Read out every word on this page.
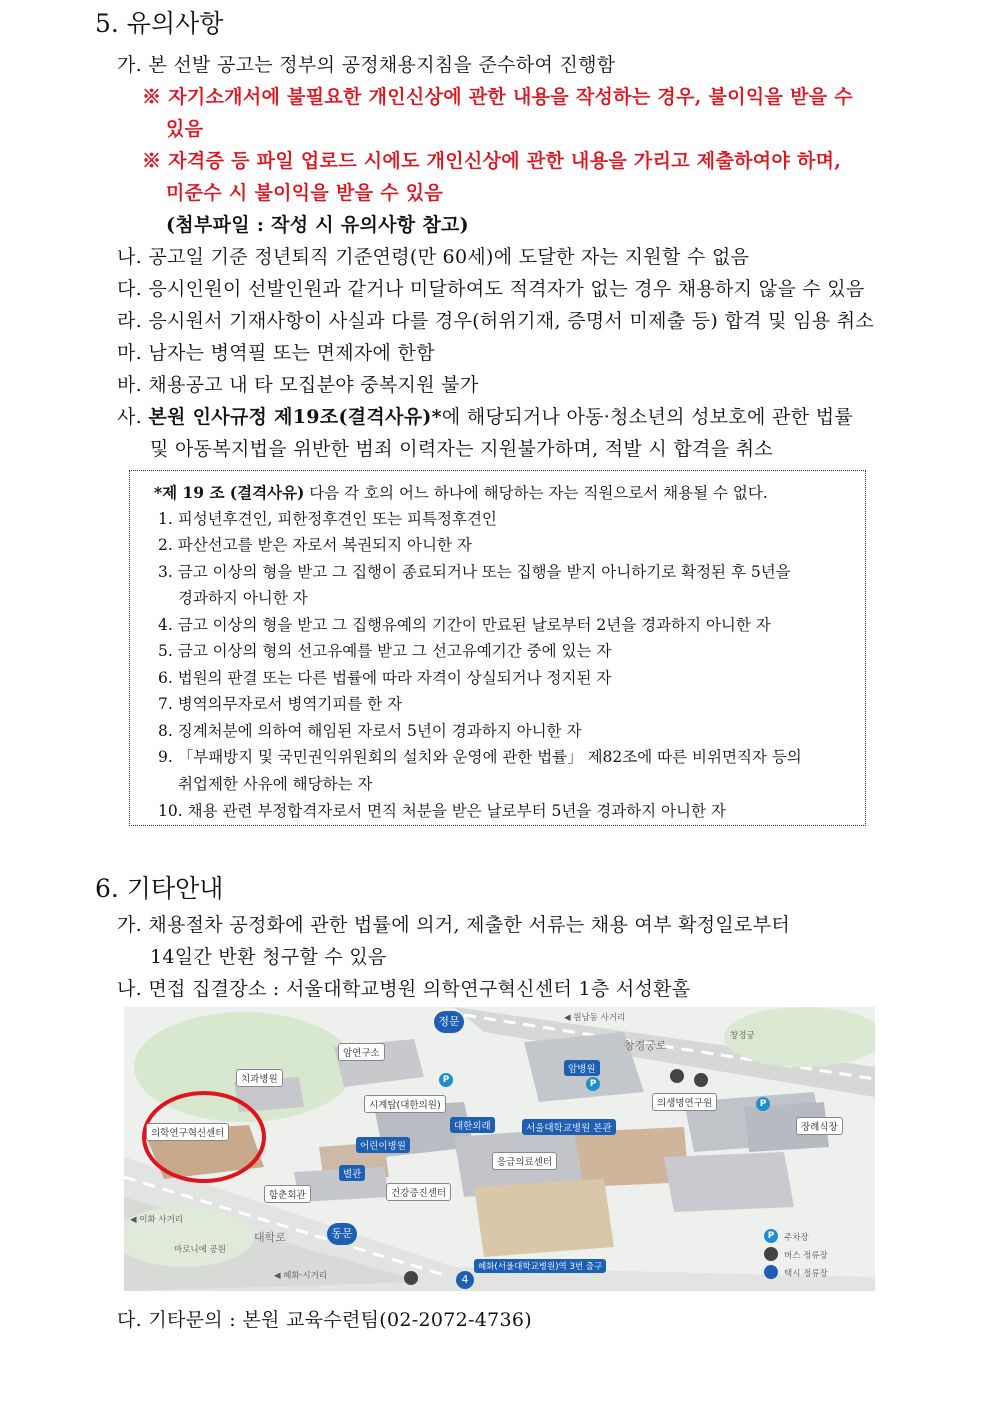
5. 유의사항
가. 본 선발 공고는 정부의 공정채용지침을 준수하여 진행함
※ 자기소개서에 불필요한 개인신상에 관한 내용을 작성하는 경우, 불이익을 받을 수
있음
※ 자격증 등 파일 업로드 시에도 개인신상에 관한 내용을 가리고 제출하여야 하며,
미준수 시 불이익을 받을 수 있음
(첨부파일 : 작성 시 유의사항 참고)
나. 공고일 기준 정년퇴직 기준연령(만 60세)에 도달한 자는 지원할 수 없음
다. 응시인원이 선발인원과 같거나 미달하여도 적격자가 없는 경우 채용하지 않을 수 있음
라. 응시원서 기재사항이 사실과 다를 경우(허위기재, 증명서 미제출 등) 합격 및 임용 취소
마. 남자는 병역필 또는 면제자에 한함
바. 채용공고 내 타 모집분야 중복지원 불가
사. 본원 인사규정 제19조(결격사유)*에 해당되거나 아동·청소년의 성보호에 관한 법률
및 아동복지법을 위반한 범죄 이력자는 지원불가하며, 적발 시 합격을 취소
*제 19 조 (결격사유) 다음 각 호의 어느 하나에 해당하는 자는 직원으로서 채용될 수 없다.
1. 피성년후견인, 피한정후견인 또는 피특정후견인
2. 파산선고를 받은 자로서 복권되지 아니한 자
3. 금고 이상의 형을 받고 그 집행이 종료되거나 또는 집행을 받지 아니하기로 확정된 후 5년을
경과하지 아니한 자
4. 금고 이상의 형을 받고 그 집행유예의 기간이 만료된 날로부터 2년을 경과하지 아니한 자
5. 금고 이상의 형의 선고유예를 받고 그 선고유예기간 중에 있는 자
6. 법원의 판결 또는 다른 법률에 따라 자격이 상실되거나 정지된 자
7. 병역의무자로서 병역기피를 한 자
8. 징계처분에 의하여 해임된 자로서 5년이 경과하지 아니한 자
9. 「부패방지 및 국민권익위원회의 설치와 운영에 관한 법률」 제82조에 따른 비위면직자 등의
취업제한 사유에 해당하는 자
10. 채용 관련 부정합격자로서 면직 처분을 받은 날로부터 5년을 경과하지 아니한 자
6. 기타안내
가. 채용절차 공정화에 관한 법률에 의거, 제출한 서류는 채용 여부 확정일로부터
14일간 반환 청구할 수 있음
나. 면접 집결장소 : 서울대학교병원 의학연구혁신센터 1층 서성환홀
정문
동문
암연구소
암병원
치과병원
시계탑(대한의원)
대한외래
의학연구혁신센터
어린이병원
서울대학교병원 본관
응급의료센터
별관
함춘회관	건강증진센터
의생명연구원
장례식장
창경궁
창경궁로
대학로
◀ 혜화·시거리
◀ 원남동 사거리
◀ 이화 사거리
마로니에 공원
혜화(서울대학교병원)역 3번 출구
4
P	P
P
P	주차장
버스 정류장
택시 정류장
다. 기타문의 : 본원 교육수련팀(02-2072-4736)
